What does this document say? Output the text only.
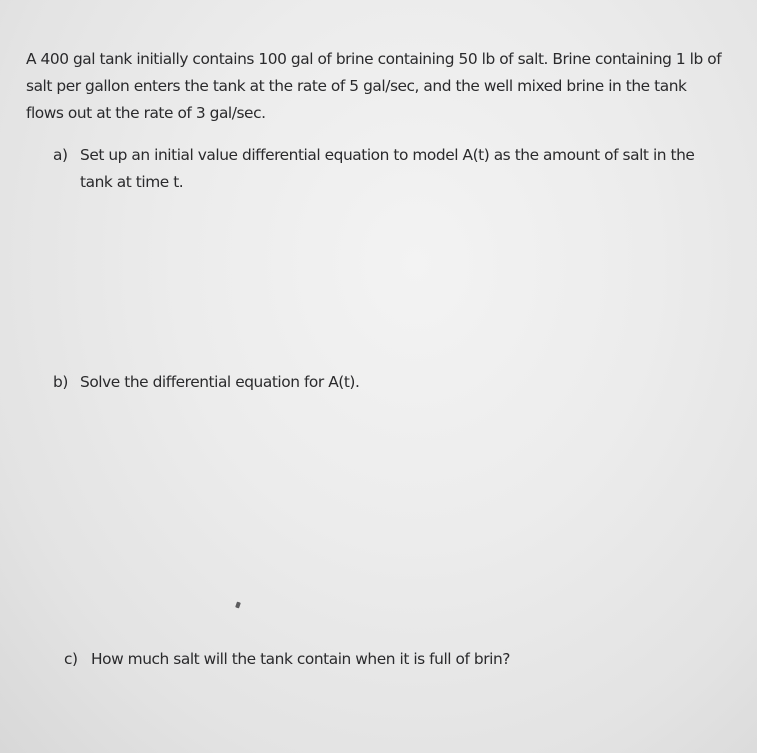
A 400 gal tank initially contains 100 gal of brine containing 50 lb of salt. Brine containing 1 lb of salt per gallon enters the tank at the rate of 5 gal/sec, and the well mixed brine in the tank flows out at the rate of 3 gal/sec.

a) Set up an initial value differential equation to model A(t) as the amount of salt in the tank at time t.
b) Solve the differential equation for A(t).
c) How much salt will the tank contain when it is full of brin?
